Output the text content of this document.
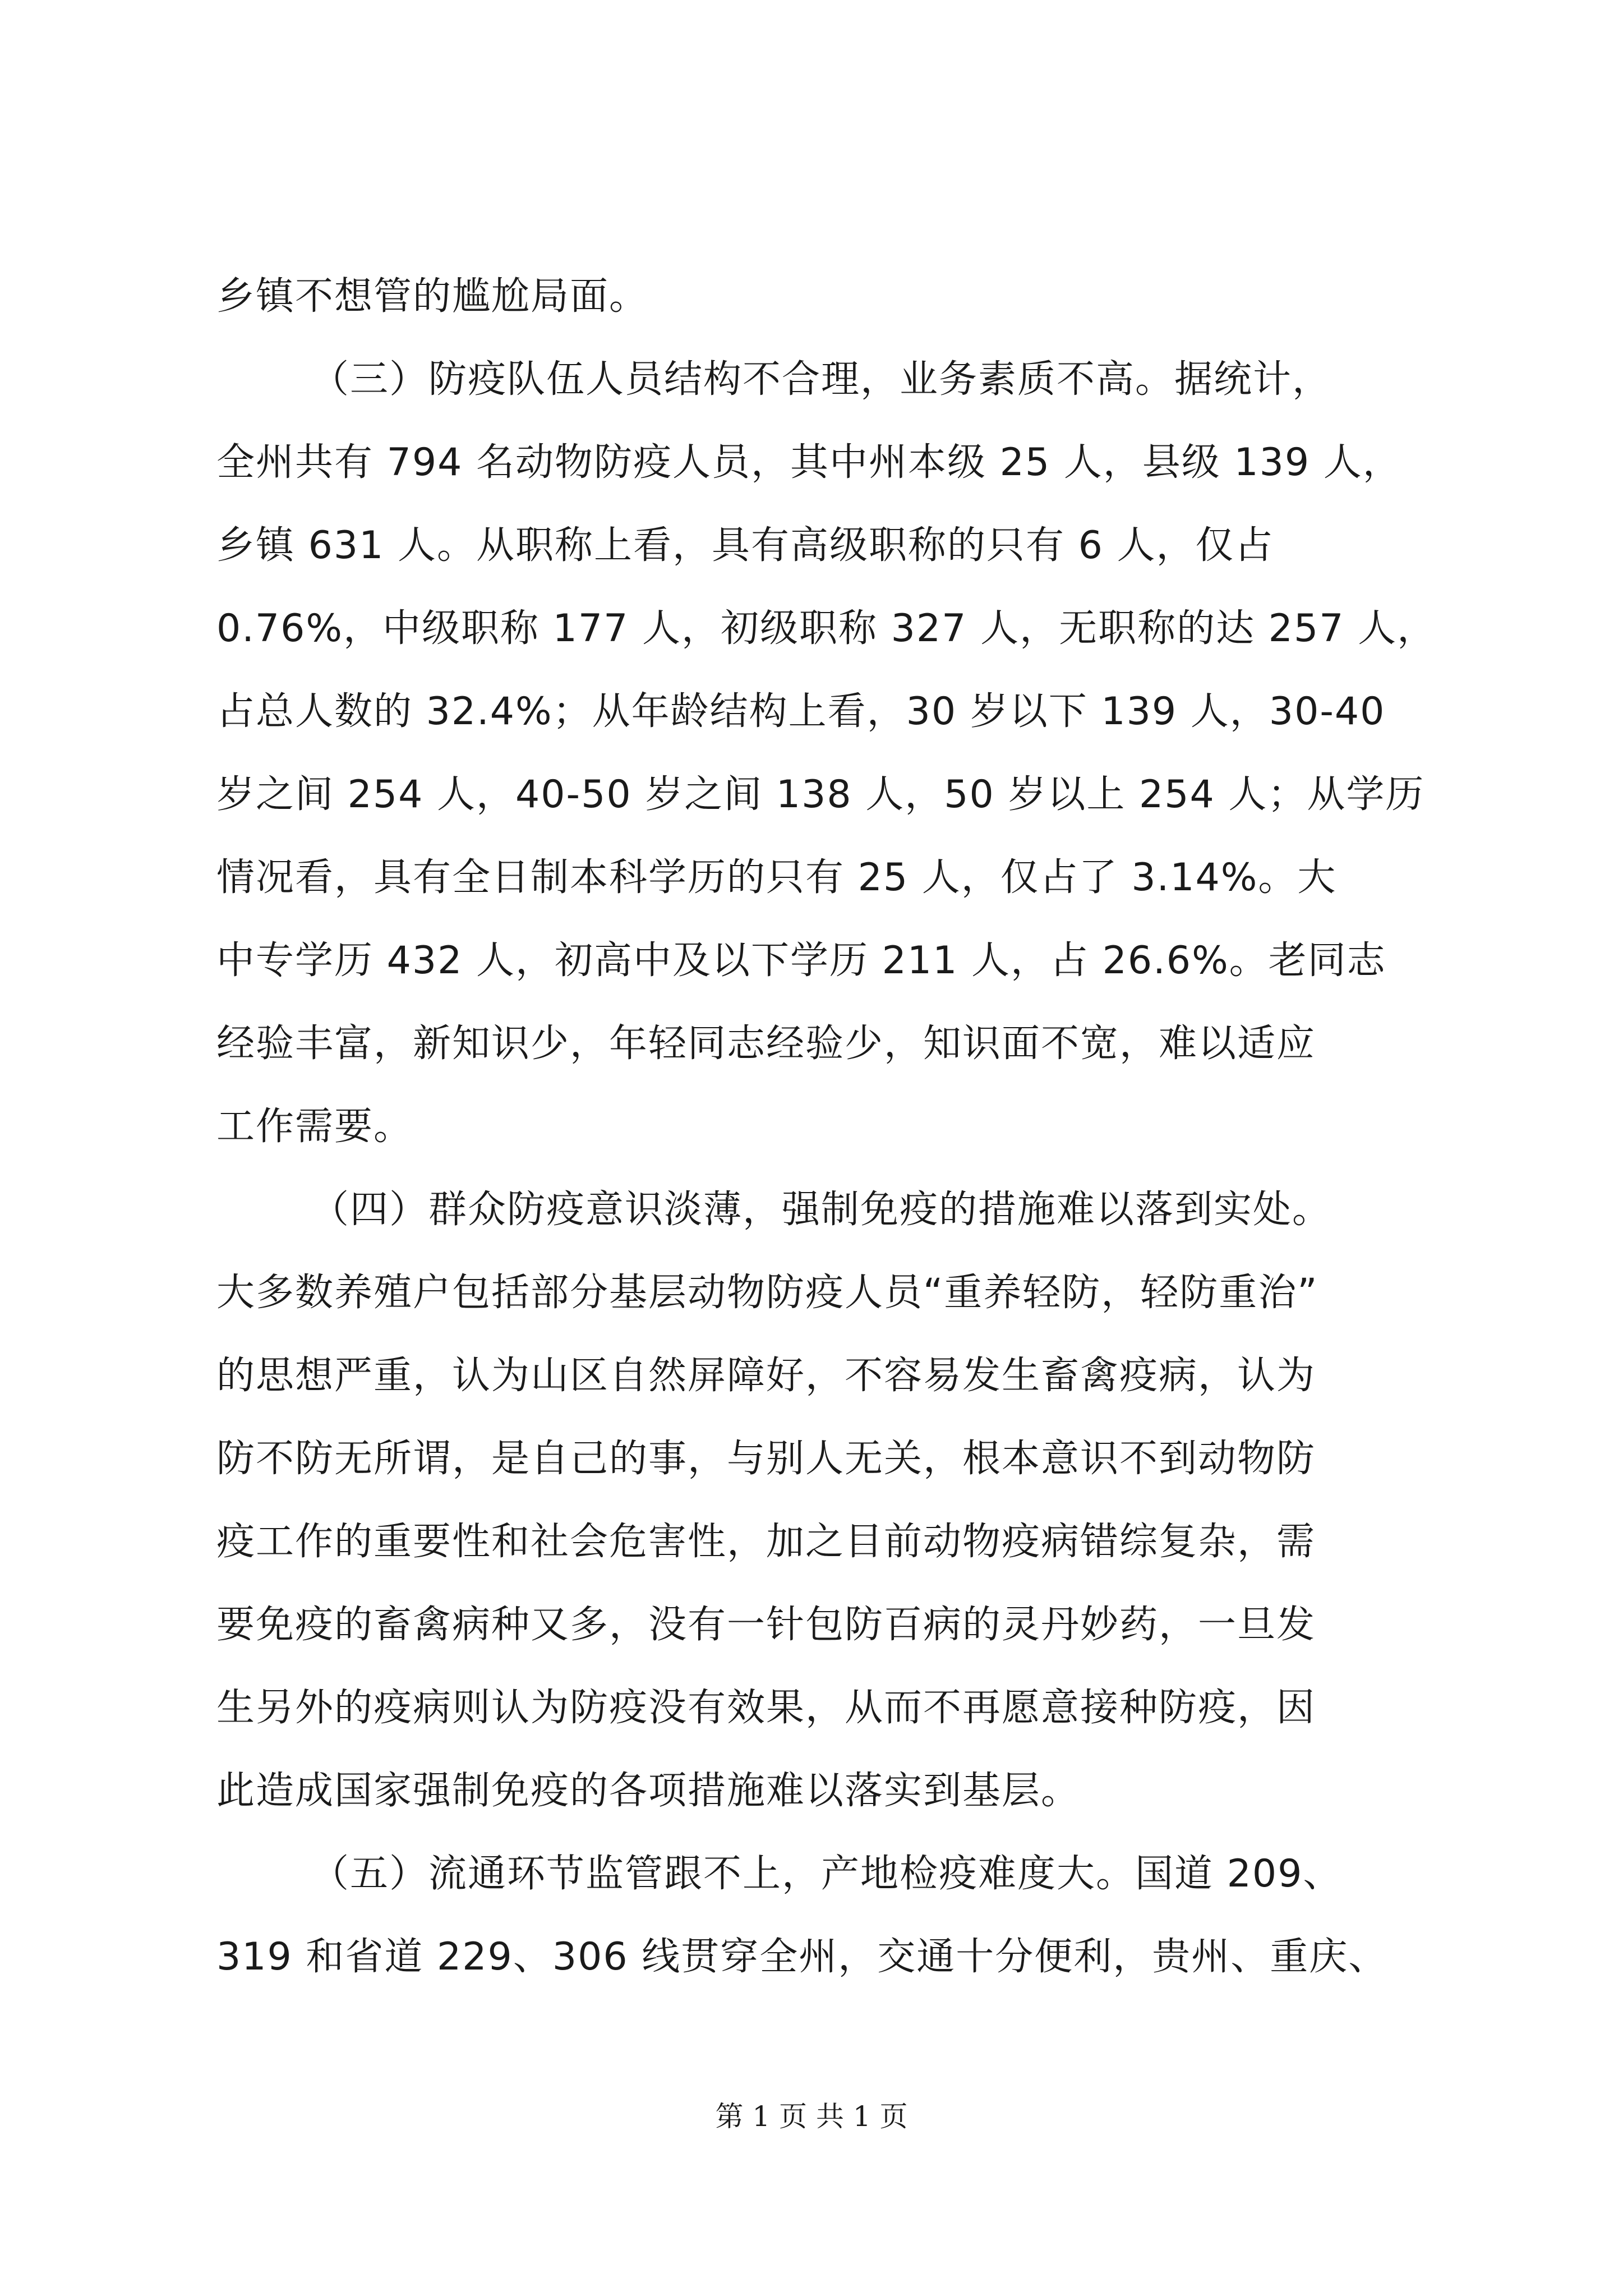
乡镇不想管的尴尬局面。
（三）防疫队伍人员结构不合理，业务素质不高。据统计，
全州共有 794 名动物防疫人员，其中州本级 25 人，县级 139 人，
乡镇 631 人。从职称上看，具有高级职称的只有 6 人，仅占
0.76%，中级职称 177 人，初级职称 327 人，无职称的达 257 人，
占总人数的 32.4%；从年龄结构上看，30 岁以下 139 人，30-40
岁之间 254 人，40-50 岁之间 138 人，50 岁以上 254 人；从学历
情况看，具有全日制本科学历的只有 25 人，仅占了 3.14%。大
中专学历 432 人，初高中及以下学历 211 人，占 26.6%。老同志
经验丰富，新知识少，年轻同志经验少，知识面不宽，难以适应
工作需要。
（四）群众防疫意识淡薄，强制免疫的措施难以落到实处。
大多数养殖户包括部分基层动物防疫人员“重养轻防，轻防重治”
的思想严重，认为山区自然屏障好，不容易发生畜禽疫病，认为
防不防无所谓，是自己的事，与别人无关，根本意识不到动物防
疫工作的重要性和社会危害性，加之目前动物疫病错综复杂，需
要免疫的畜禽病种又多，没有一针包防百病的灵丹妙药，一旦发
生另外的疫病则认为防疫没有效果，从而不再愿意接种防疫，因
此造成国家强制免疫的各项措施难以落实到基层。
（五）流通环节监管跟不上，产地检疫难度大。国道 209、
319 和省道 229、306 线贯穿全州，交通十分便利，贵州、重庆、
第 1 页 共 1 页
